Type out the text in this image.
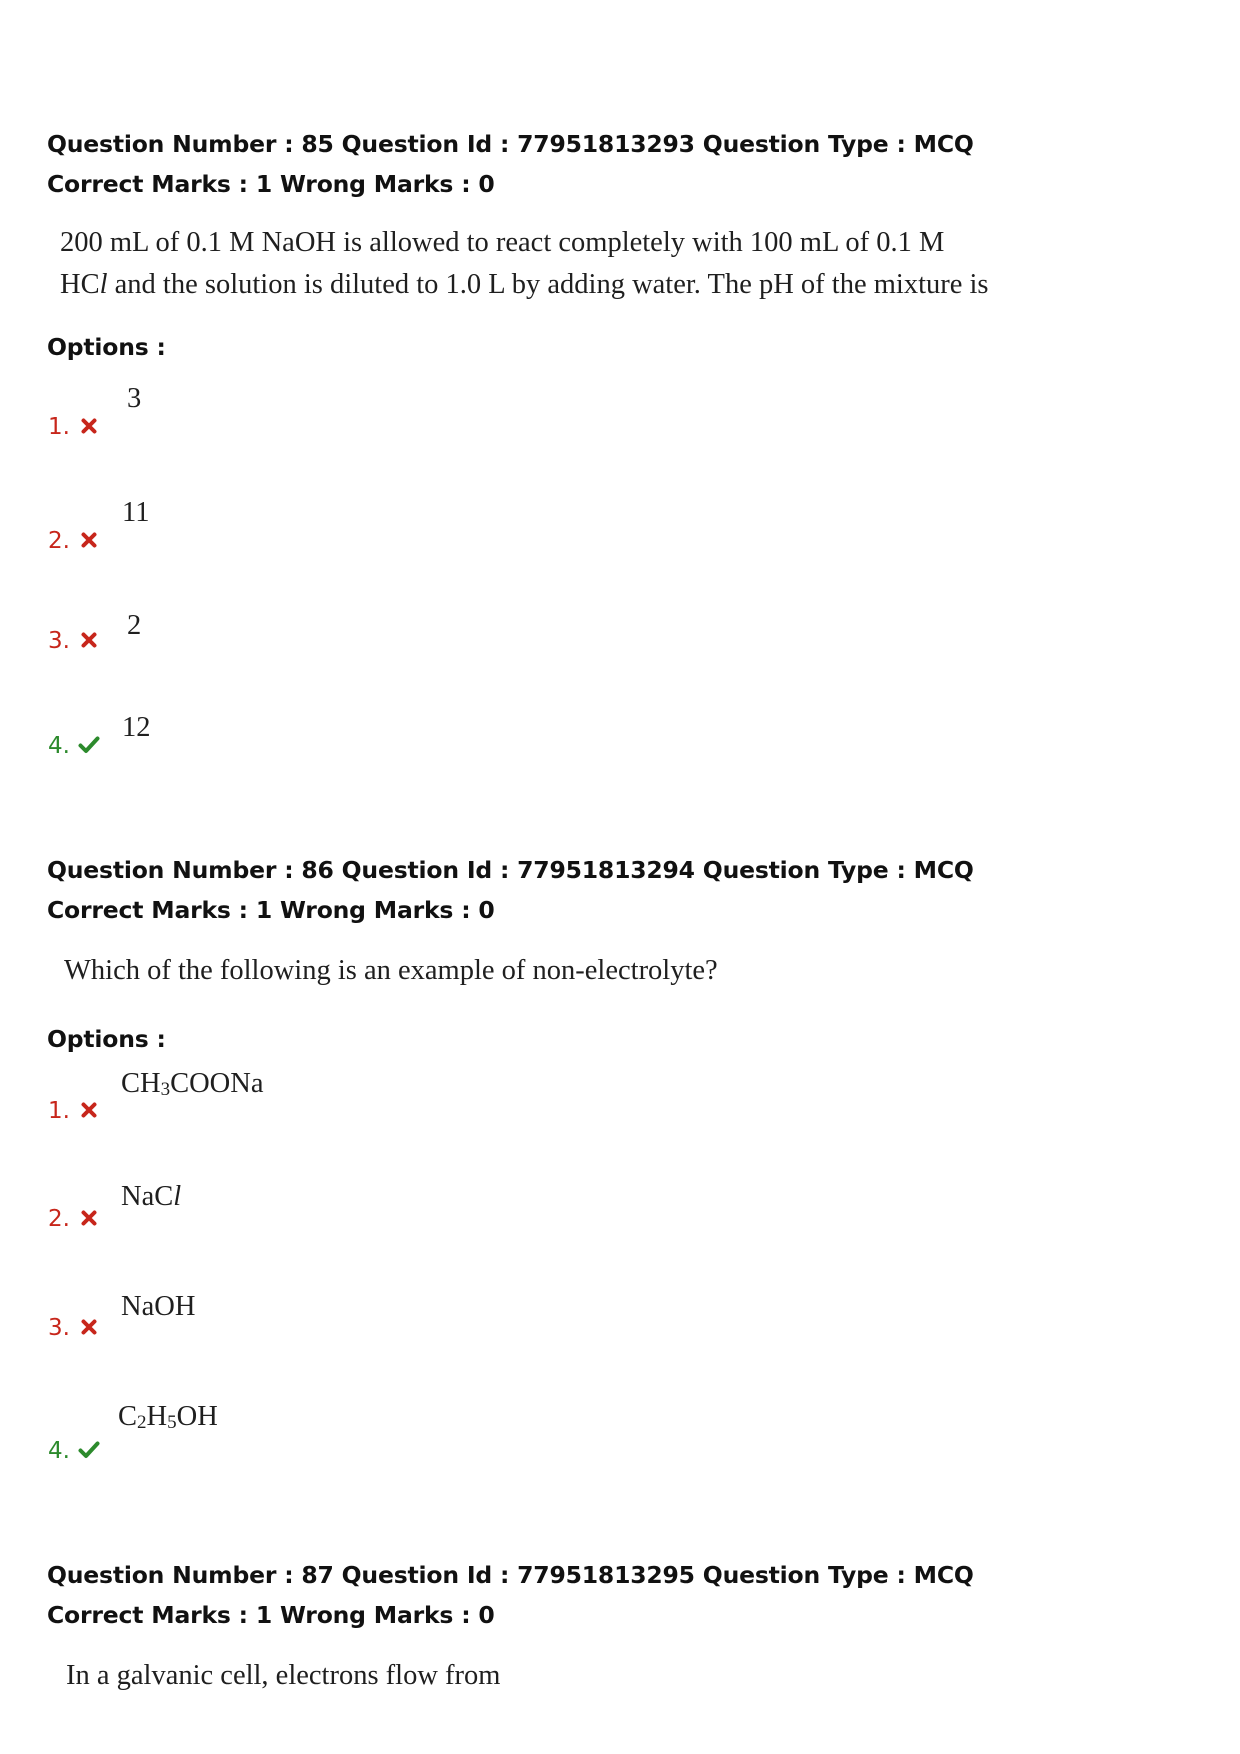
Question Number : 85 Question Id : 77951813293 Question Type : MCQ
Correct Marks : 1 Wrong Marks : 0
200 mL of 0.1 M NaOH is allowed to react completely with 100 mL of 0.1 M
HCl and the solution is diluted to 1.0 L by adding water. The pH of the mixture is
Options :
1.
3
2.
11
3. 2
4.
12
Question Number : 86 Question Id : 77951813294 Question Type : MCQ
Correct Marks : 1 Wrong Marks : 0
Which of the following is an example of non-electrolyte?
Options :
1.
$CH_3COONa$
2.
NaCl
3.
NaOH
4.
$C_2H_5OH$
Question Number : 87 Question Id : 77951813295 Question Type : MCQ
Correct Marks : 1 Wrong Marks : 0
In a galvanic cell, electrons flow from
